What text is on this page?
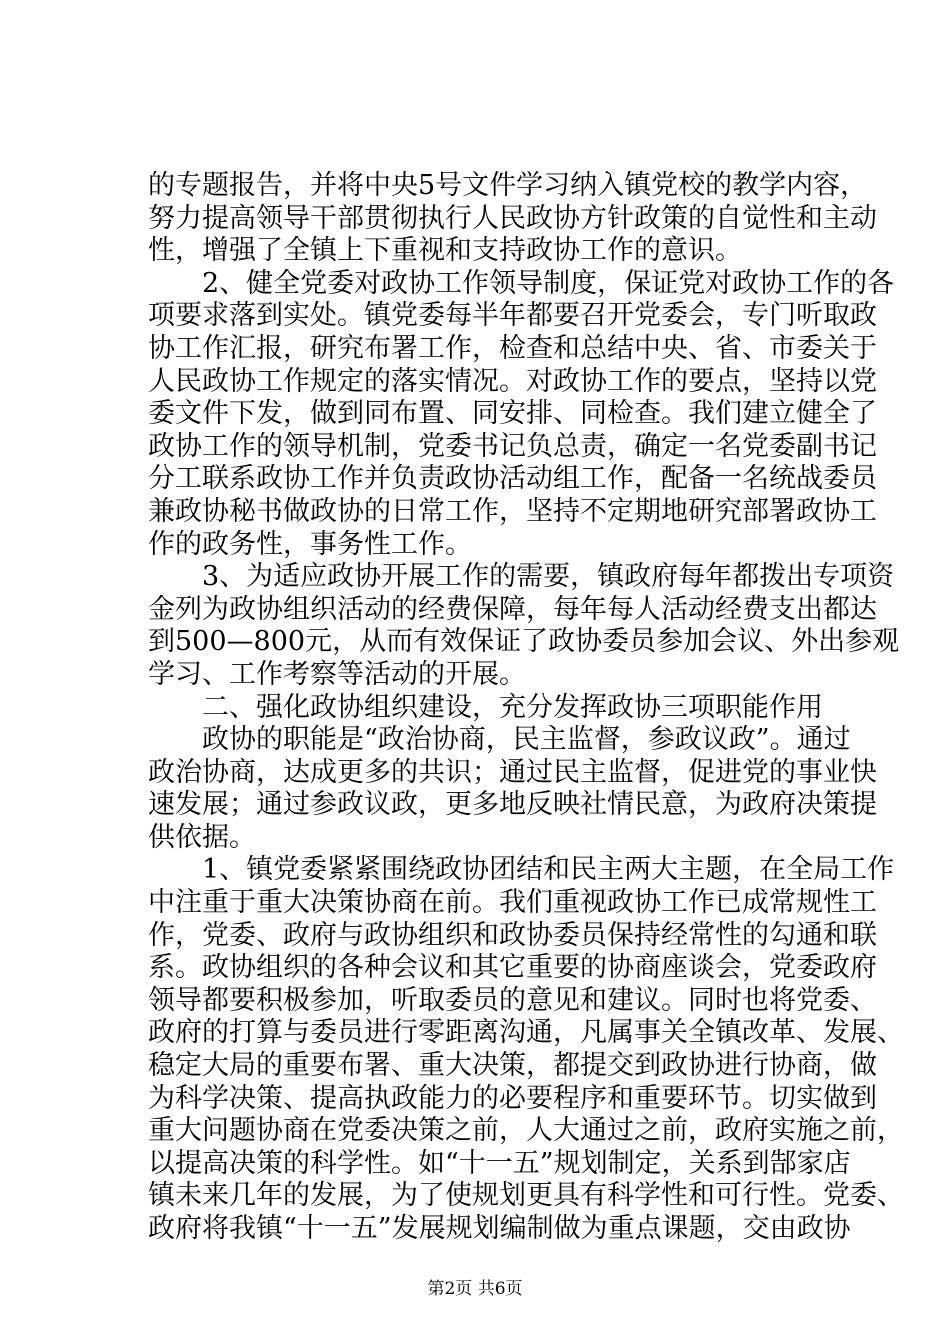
的专题报告，并将中央5号文件学习纳入镇党校的教学内容，
努力提高领导干部贯彻执行人民政协方针政策的自觉性和主动
性，增强了全镇上下重视和支持政协工作的意识。
2、健全党委对政协工作领导制度，保证党对政协工作的各
项要求落到实处。镇党委每半年都要召开党委会，专门听取政
协工作汇报，研究布署工作，检查和总结中央、省、市委关于
人民政协工作规定的落实情况。对政协工作的要点，坚持以党
委文件下发，做到同布置、同安排、同检查。我们建立健全了
政协工作的领导机制，党委书记负总责，确定一名党委副书记
分工联系政协工作并负责政协活动组工作，配备一名统战委员
兼政协秘书做政协的日常工作，坚持不定期地研究部署政协工
作的政务性，事务性工作。
3、为适应政协开展工作的需要，镇政府每年都拨出专项资
金列为政协组织活动的经费保障，每年每人活动经费支出都达
到500—800元，从而有效保证了政协委员参加会议、外出参观
学习、工作考察等活动的开展。
二、强化政协组织建设，充分发挥政协三项职能作用
政协的职能是“政治协商，民主监督，参政议政”。通过
政治协商，达成更多的共识；通过民主监督，促进党的事业快
速发展；通过参政议政，更多地反映社情民意，为政府决策提
供依据。
1、镇党委紧紧围绕政协团结和民主两大主题，在全局工作
中注重于重大决策协商在前。我们重视政协工作已成常规性工
作，党委、政府与政协组织和政协委员保持经常性的勾通和联
系。政协组织的各种会议和其它重要的协商座谈会，党委政府
领导都要积极参加，听取委员的意见和建议。同时也将党委、
政府的打算与委员进行零距离沟通，凡属事关全镇改革、发展、
稳定大局的重要布署、重大决策，都提交到政协进行协商，做
为科学决策、提高执政能力的必要程序和重要环节。切实做到
重大问题协商在党委决策之前，人大通过之前，政府实施之前，
以提高决策的科学性。如“十一五”规划制定，关系到郜家店
镇未来几年的发展，为了使规划更具有科学性和可行性。党委、
政府将我镇“十一五”发展规划编制做为重点课题，交由政协
第2页 共6页
